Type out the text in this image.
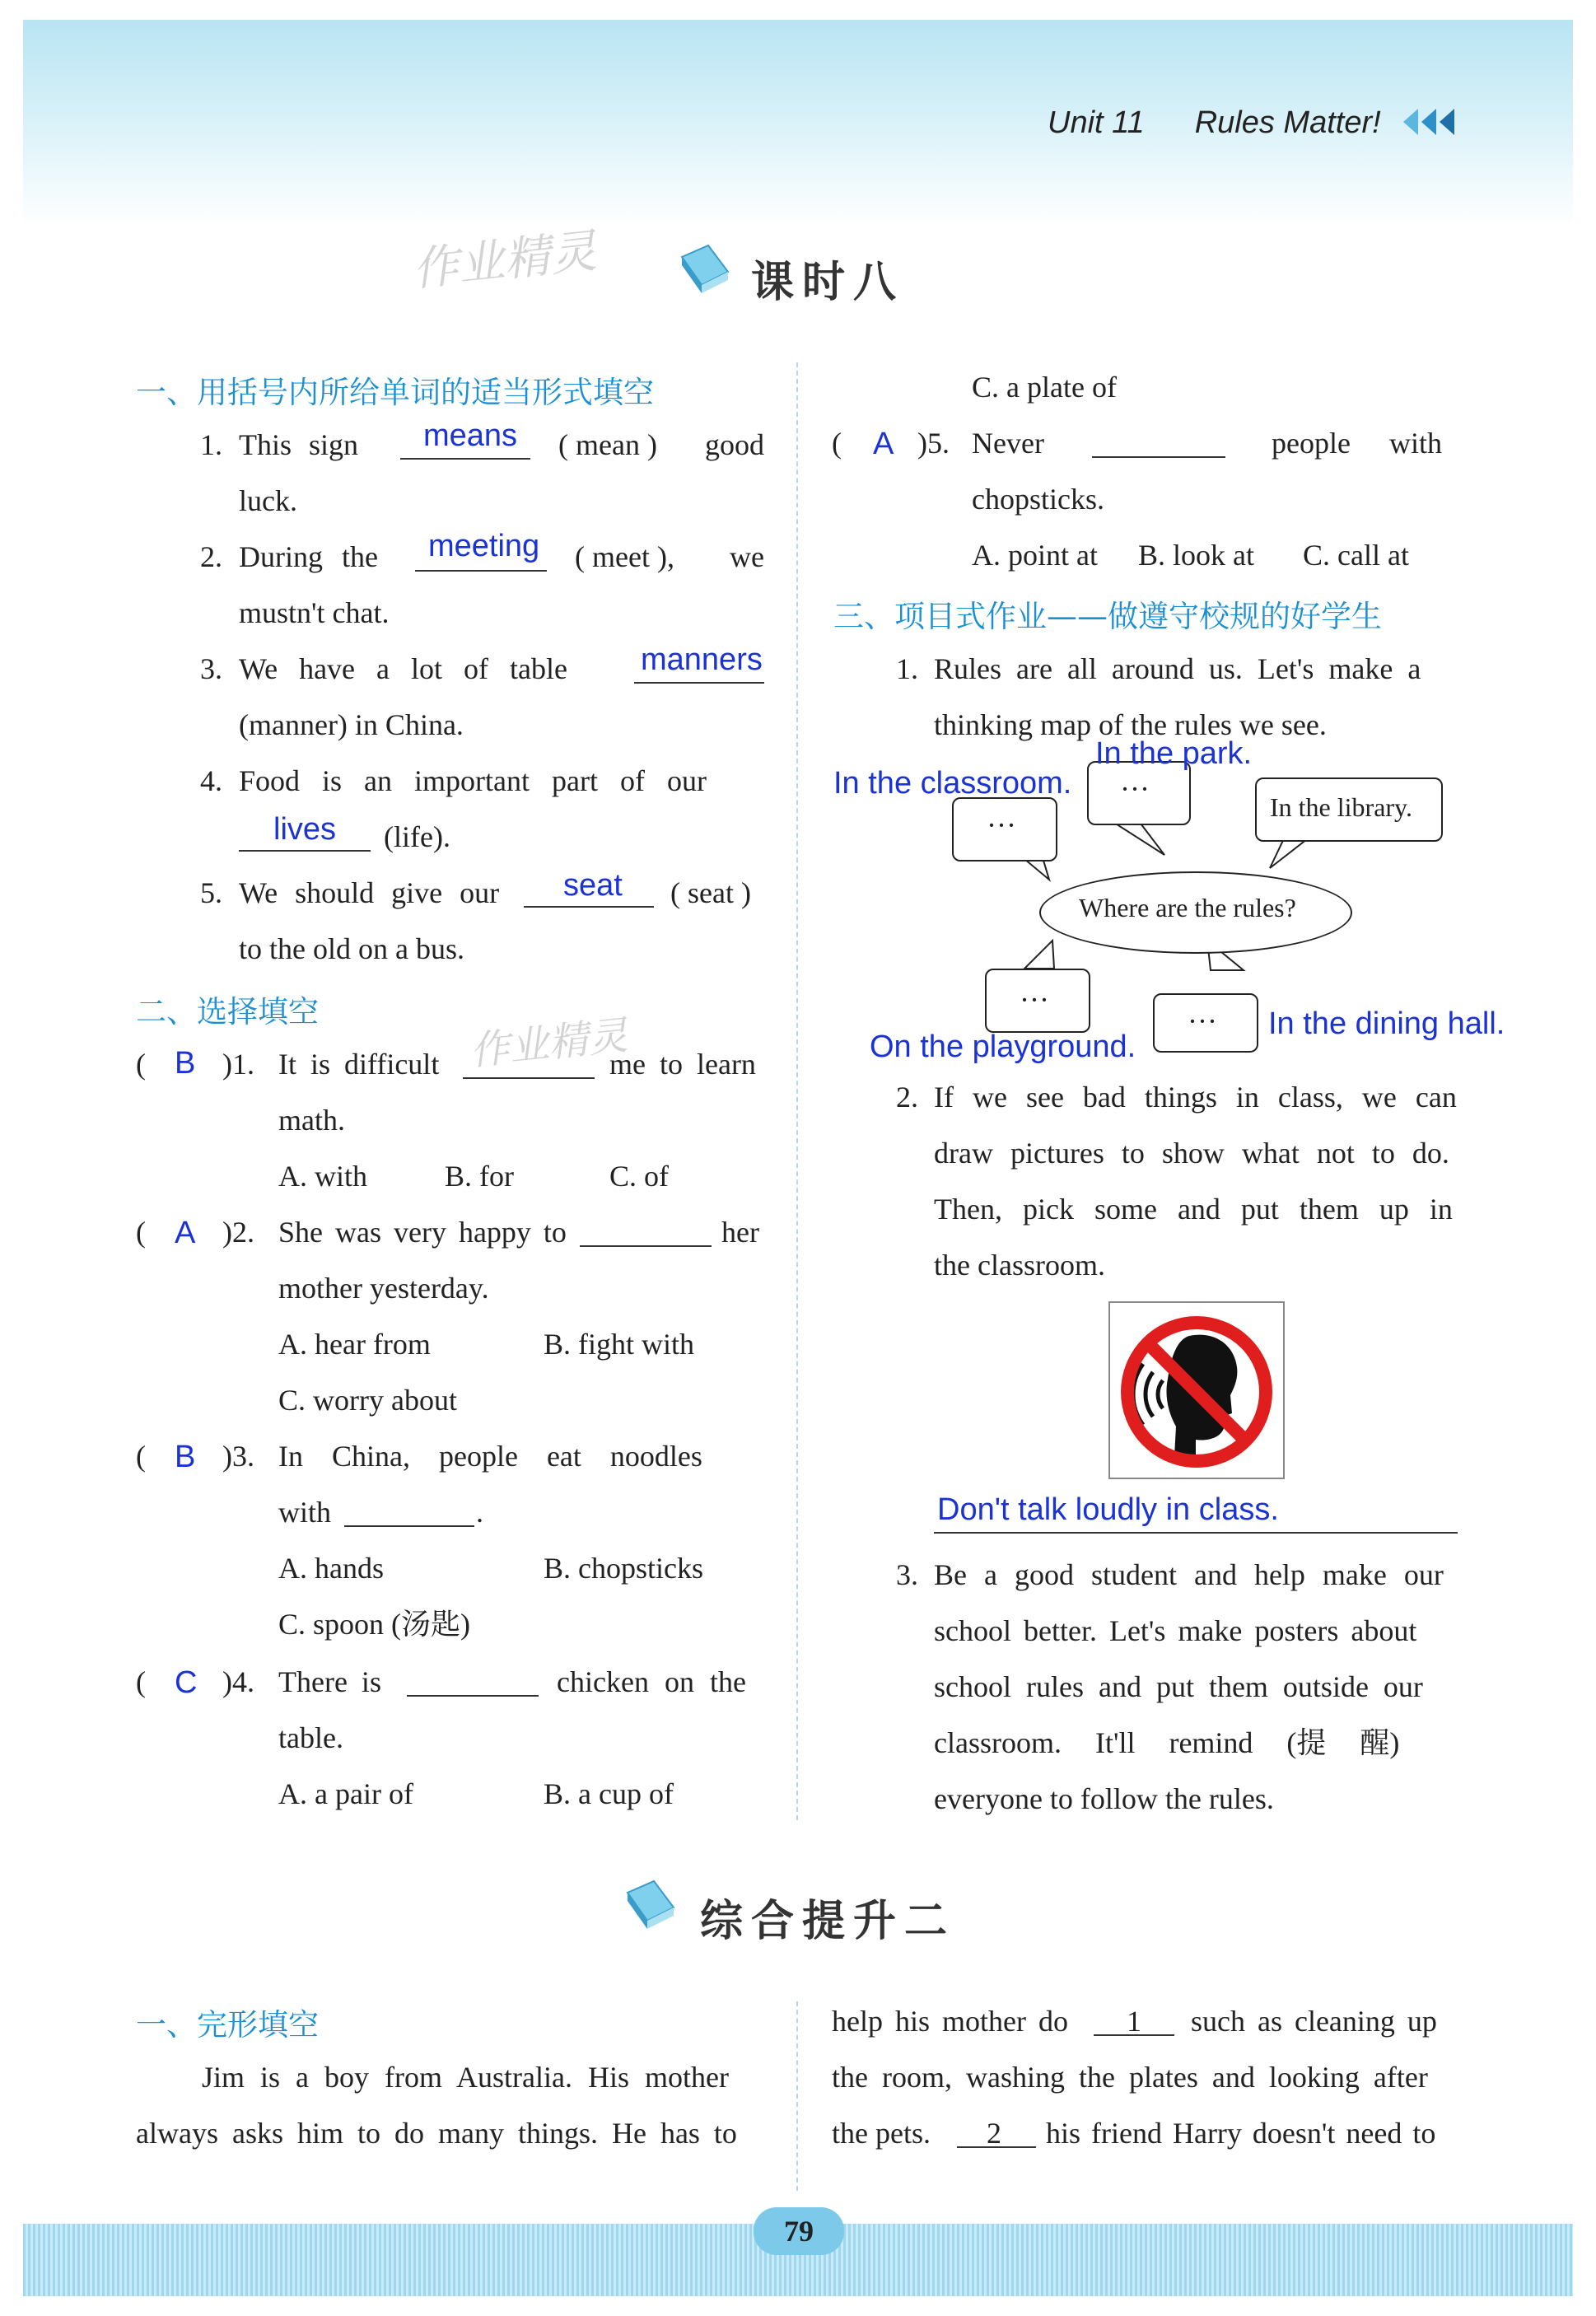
Unit 11 Rules Matter!
作业精灵
作业精灵
课时八
一、用括号内所给单词的适当形式填空
1. This sign means ( mean ) good
luck.
2. During the meeting ( meet ), we
mustn't chat.
3. We have a lot of table manners
(manner) in China.
4. Food is an important part of our
lives (life).
5. We should give our seat ( seat )
to the old on a bus.
二、选择填空
( B )1. It is difficult	me to learn
math.
A. with	B. for	C. of
( A )2. She was very happy to	her
mother yesterday.
A. hear from	B. fight with
C. worry about
( B )3. In China, people eat noodles
with	.
A. hands	B. chopsticks
C. spoon (汤匙)
( C )4. There is	chicken on the
table.
A. a pair of	B. a cup of
C. a plate of
( A )5. Never	people with
chopsticks.
A. point at B. look at C. call at
三、项目式作业——做遵守校规的好学生
1. Rules are all around us. Let's make a
thinking map of the rules we see.
···
···
In the library.
Where are the rules?
···
···
In the classroom.
In the park.
On the playground.
In the dining hall.
2. If we see bad things in class, we can
draw pictures to show what not to do.
Then, pick some and put them up in
the classroom.
Don't talk loudly in class.
3. Be a good student and help make our
school better. Let's make posters about
school rules and put them outside our
classroom. It'll remind (提 醒)
everyone to follow the rules.
综合提升二
一、完形填空
Jim is a boy from Australia. His mother
always asks him to do many things. He has to
help his mother do 1 such as cleaning up
the room, washing the plates and looking after
the pets. 2 his friend Harry doesn't need to
79
